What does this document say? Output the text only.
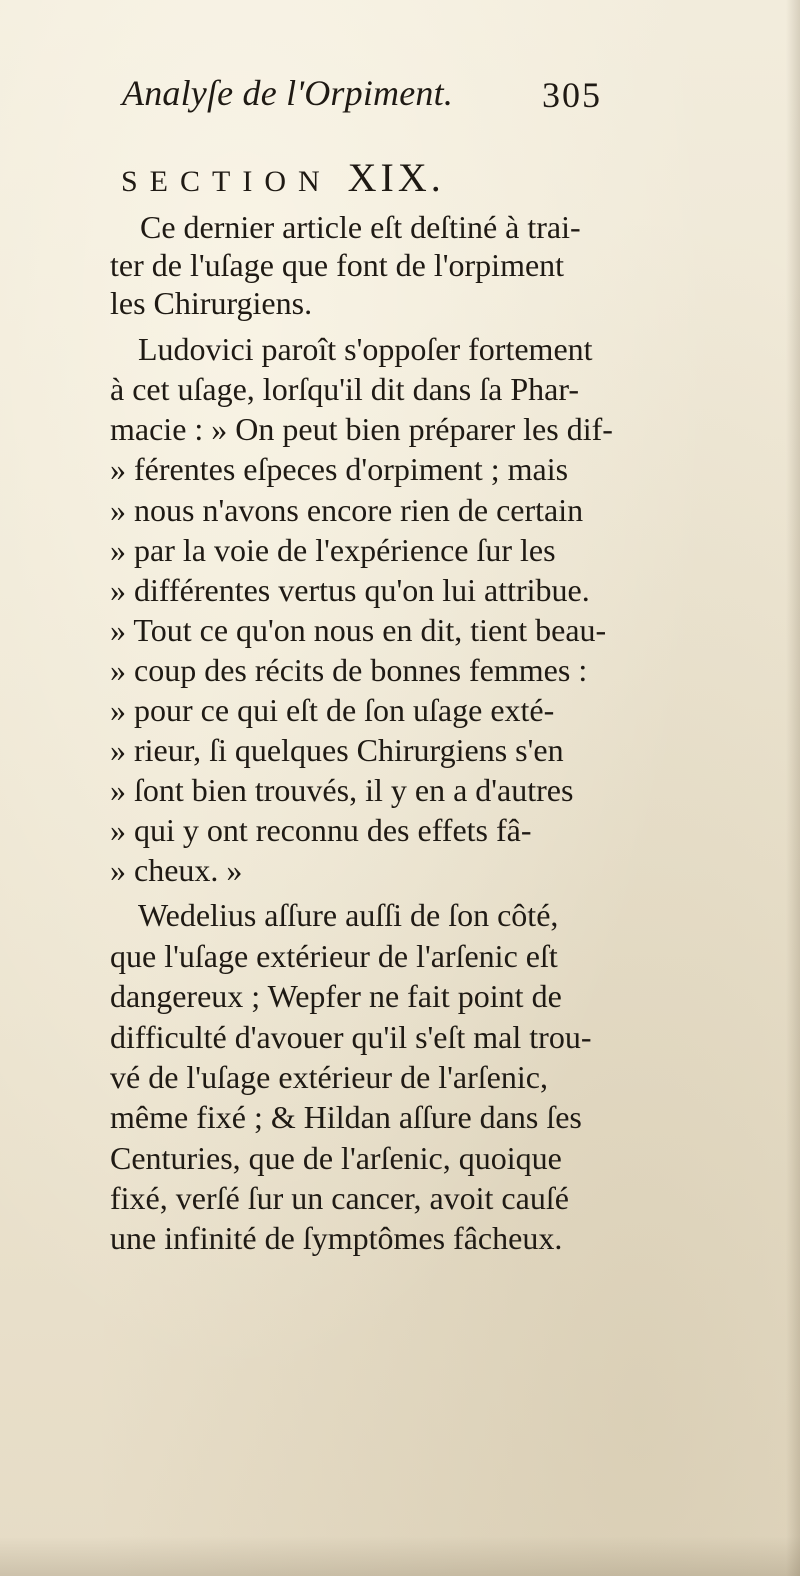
Analyſe de l'Orpiment. 305
SECTION XIX.
Ce dernier article eſt deſtiné à trai-
ter de l'uſage que font de l'orpiment
les Chirurgiens.
Ludovici paroît s'oppoſer fortement
à cet uſage, lorſqu'il dit dans ſa Phar-
macie : » On peut bien préparer les dif-
» férentes eſpeces d'orpiment ; mais
» nous n'avons encore rien de certain
» par la voie de l'expérience ſur les
» différentes vertus qu'on lui attribue.
» Tout ce qu'on nous en dit, tient beau-
» coup des récits de bonnes femmes :
» pour ce qui eſt de ſon uſage exté-
» rieur, ſi quelques Chirurgiens s'en
» ſont bien trouvés, il y en a d'autres
» qui y ont reconnu des effets fâ-
» cheux. »
Wedelius aſſure auſſi de ſon côté,
que l'uſage extérieur de l'arſenic eſt
dangereux ; Wepfer ne fait point de
difficulté d'avouer qu'il s'eſt mal trou-
vé de l'uſage extérieur de l'arſenic,
même fixé ; & Hildan aſſure dans ſes
Centuries, que de l'arſenic, quoique
fixé, verſé ſur un cancer, avoit cauſé
une infinité de ſymptômes fâcheux.
